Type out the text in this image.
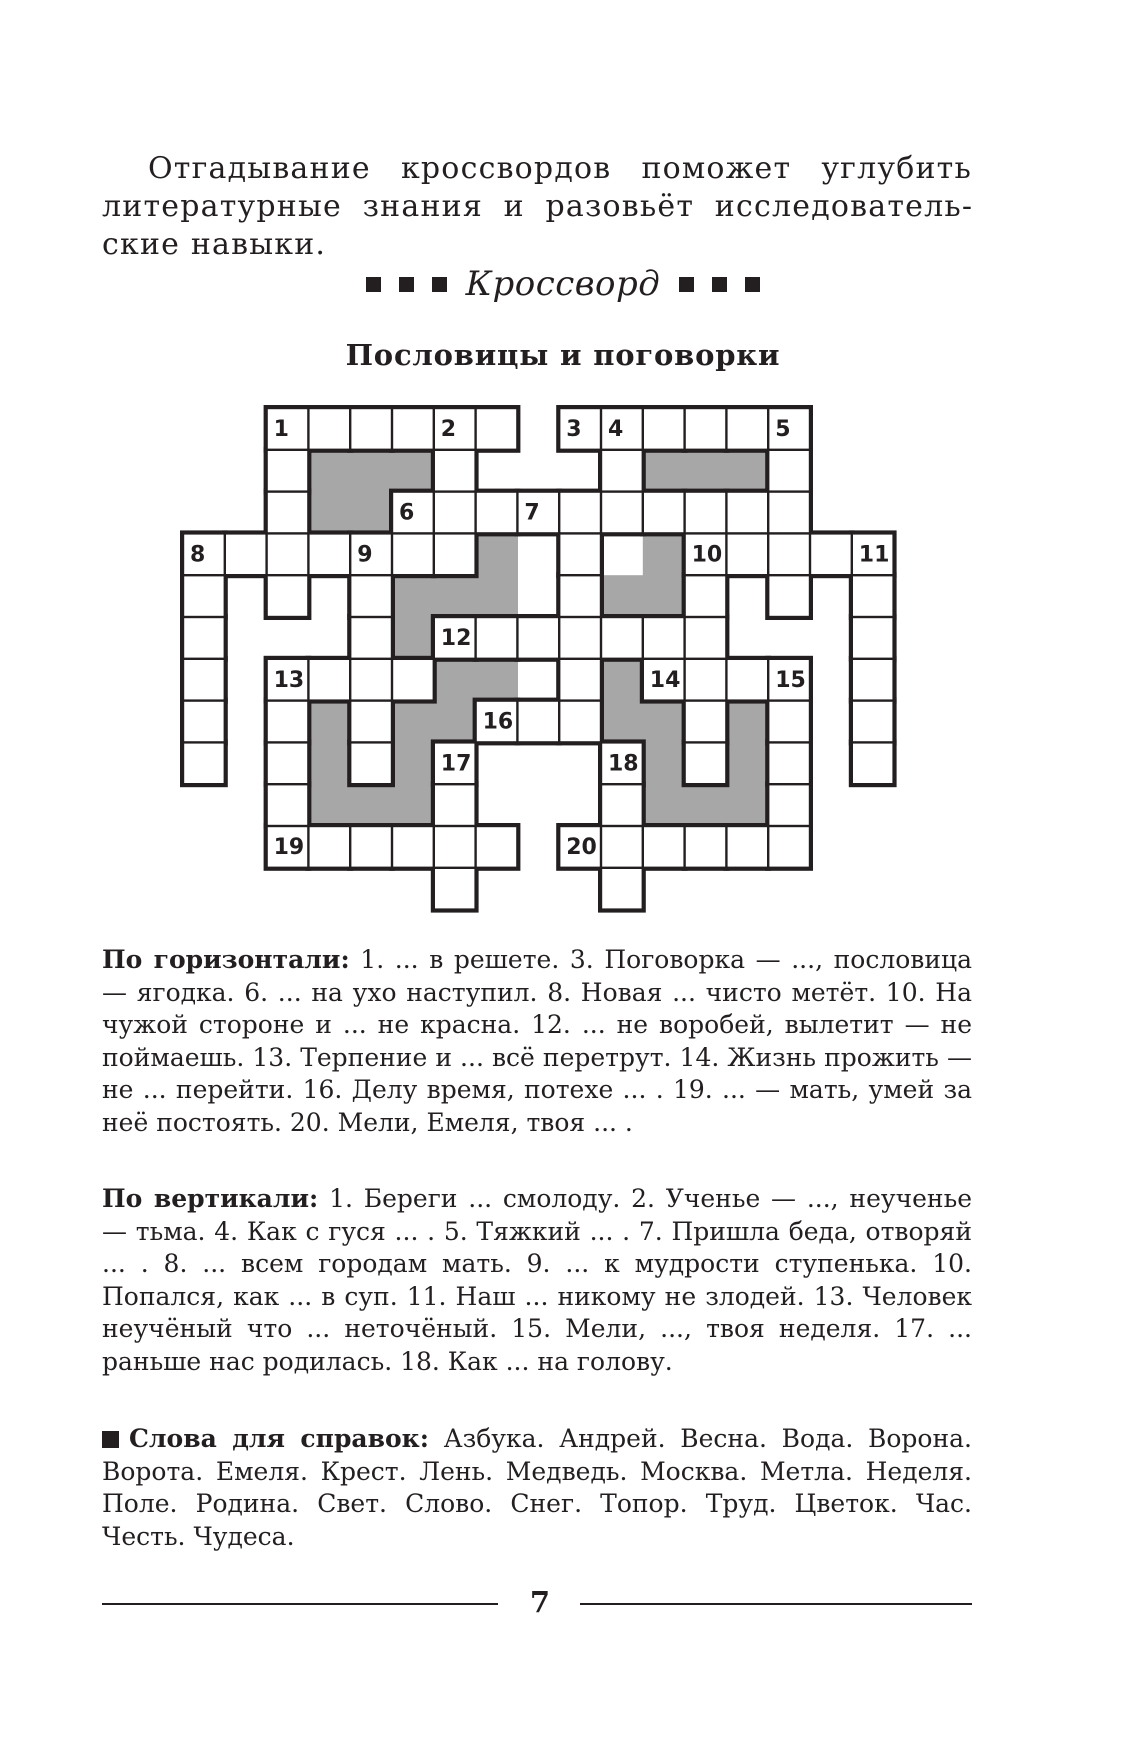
Отгадывание кроссвордов поможет углубить литературные знания и разовьёт исследовательские навыки.

Кроссворд
Пословицы и поговорки
1	2	3 4	5
6	7
8	9	10	11
12
13	14	15
16
17	18
19	20

По горизонтали: 1. ... в решете. 3. Поговорка — ..., пословица — ягодка. 6. ... на ухо наступил. 8. Новая ... чисто метёт. 10. На чужой стороне и ... не красна. 12. ... не воробей, вылетит — не поймаешь. 13. Терпение и ... всё перетрут. 14. Жизнь прожить — не ... перейти. 16. Делу время, потехе ... . 19. ... — мать, умей за неё постоять. 20. Мели, Емеля, твоя ... .

По вертикали: 1. Береги ... смолоду. 2. Ученье — ..., неученье — тьма. 4. Как с гуся ... . 5. Тяжкий ... . 7. Пришла беда, отворяй ... . 8. ... всем городам мать. 9. ... к мудрости ступенька. 10. Попался, как ... в суп. 11. Наш ... никому не злодей. 13. Человек неучёный что ... неточёный. 15. Мели, ..., твоя неделя. 17. ... раньше нас родилась. 18. Как ... на голову.

Слова для справок: Азбука. Андрей. Весна. Вода. Ворона. Ворота. Емеля. Крест. Лень. Медведь. Москва. Метла. Неделя. Поле. Родина. Свет. Слово. Снег. Топор. Труд. Цветок. Час. Честь. Чудеса.

7
